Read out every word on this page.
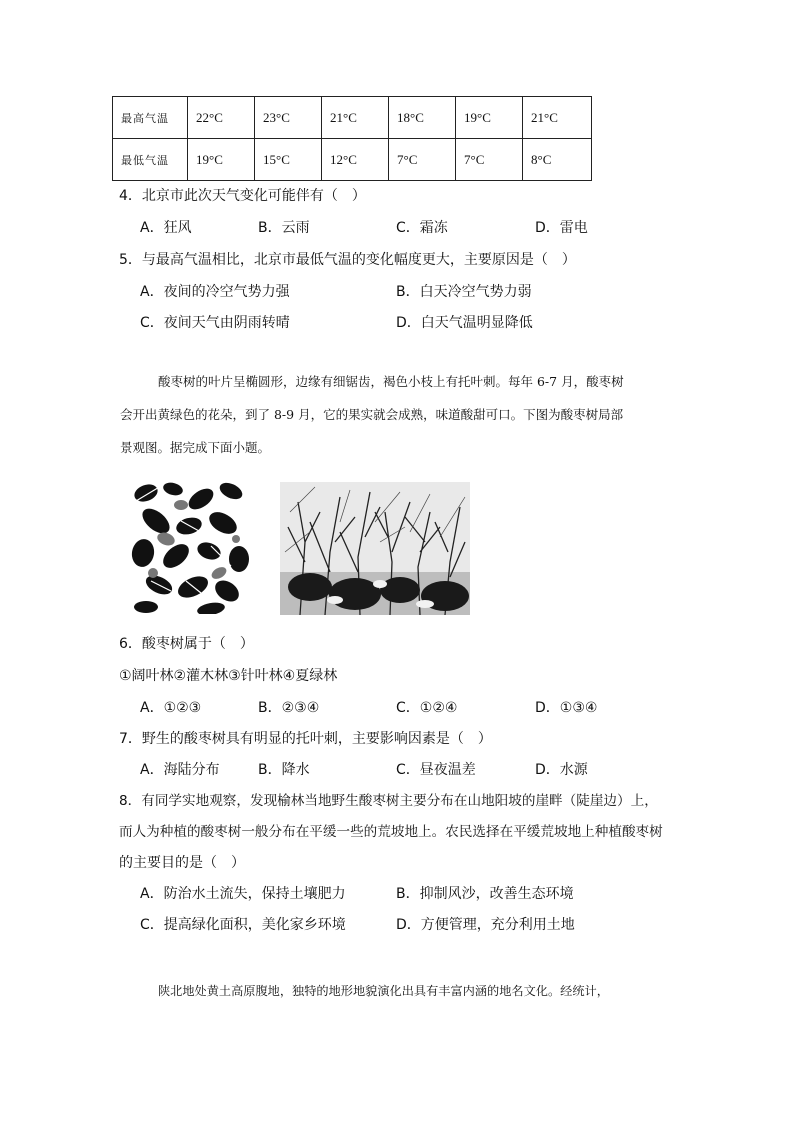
最高气温	22°C	23°C	21°C	18°C	19°C	21°C
最低气温	19°C	15°C	12°C	7°C	7°C	8°C
4．北京市此次天气变化可能伴有（　）
A．狂风	B．云雨	C．霜冻	D．雷电
5．与最高气温相比，北京市最低气温的变化幅度更大，主要原因是（　）
A．夜间的冷空气势力强	B．白天冷空气势力弱
C．夜间天气由阴雨转晴	D．白天气温明显降低
酸枣树的叶片呈椭圆形，边缘有细锯齿，褐色小枝上有托叶刺。每年 6-7 月，酸枣树
会开出黄绿色的花朵，到了 8-9 月，它的果实就会成熟，味道酸甜可口。下图为酸枣树局部
景观图。据完成下面小题。
6．酸枣树属于（　）
①阔叶林②灌木林③针叶林④夏绿林
A．①②③	B．②③④	C．①②④	D．①③④
7．野生的酸枣树具有明显的托叶刺，主要影响因素是（　）
A．海陆分布	B．降水	C．昼夜温差	D．水源
8．有同学实地观察，发现榆林当地野生酸枣树主要分布在山地阳坡的崖畔（陡崖边）上，
而人为种植的酸枣树一般分布在平缓一些的荒坡地上。农民选择在平缓荒坡地上种植酸枣树
的主要目的是（　）
A．防治水土流失，保持土壤肥力	B．抑制风沙，改善生态环境
C．提高绿化面积，美化家乡环境	D．方便管理，充分利用土地
陕北地处黄土高原腹地，独特的地形地貌演化出具有丰富内涵的地名文化。经统计，
